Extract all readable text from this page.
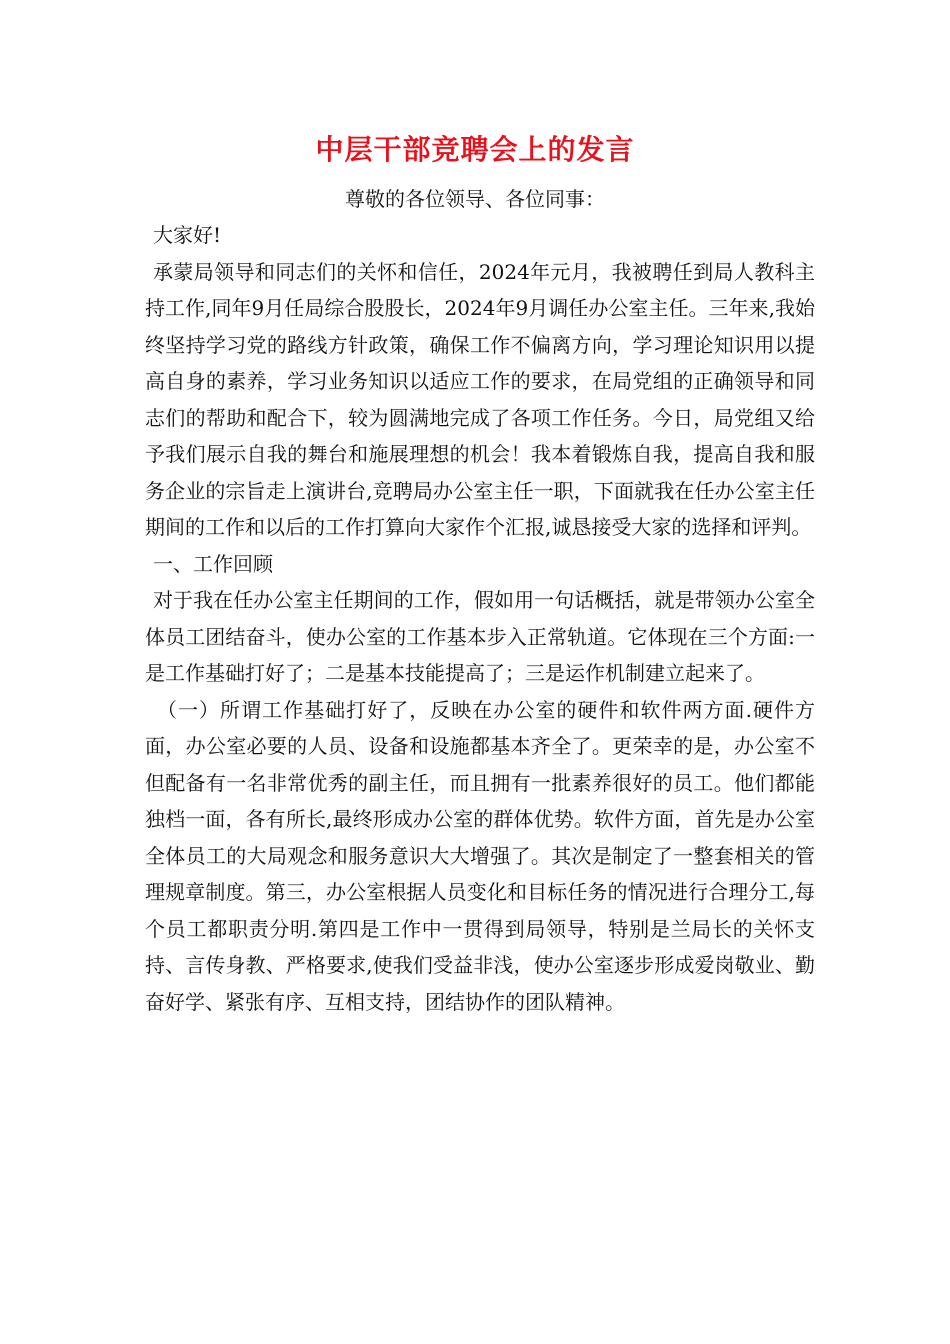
中层干部竞聘会上的发言
尊敬的各位领导、各位同事：

大家好!

承蒙局领导和同志们的关怀和信任，2024年元月，我被聘任到局人教科主持工作,同年9月任局综合股股长，2024年9月调任办公室主任。三年来,我始终坚持学习党的路线方针政策，确保工作不偏离方向，学习理论知识用以提高自身的素养，学习业务知识以适应工作的要求，在局党组的正确领导和同志们的帮助和配合下，较为圆满地完成了各项工作任务。今日，局党组又给予我们展示自我的舞台和施展理想的机会！我本着锻炼自我，提高自我和服务企业的宗旨走上演讲台,竞聘局办公室主任一职，下面就我在任办公室主任期间的工作和以后的工作打算向大家作个汇报,诚恳接受大家的选择和评判。

一、工作回顾

对于我在任办公室主任期间的工作，假如用一句话概括，就是带领办公室全体员工团结奋斗，使办公室的工作基本步入正常轨道。它体现在三个方面:一是工作基础打好了；二是基本技能提高了；三是运作机制建立起来了。

（一）所谓工作基础打好了，反映在办公室的硬件和软件两方面.硬件方面，办公室必要的人员、设备和设施都基本齐全了。更荣幸的是，办公室不但配备有一名非常优秀的副主任，而且拥有一批素养很好的员工。他们都能独档一面，各有所长,最终形成办公室的群体优势。软件方面，首先是办公室全体员工的大局观念和服务意识大大增强了。其次是制定了一整套相关的管理规章制度。第三，办公室根据人员变化和目标任务的情况进行合理分工,每个员工都职责分明.第四是工作中一贯得到局领导，特别是兰局长的关怀支持、言传身教、严格要求,使我们受益非浅，使办公室逐步形成爱岗敬业、勤奋好学、紧张有序、互相支持，团结协作的团队精神。
